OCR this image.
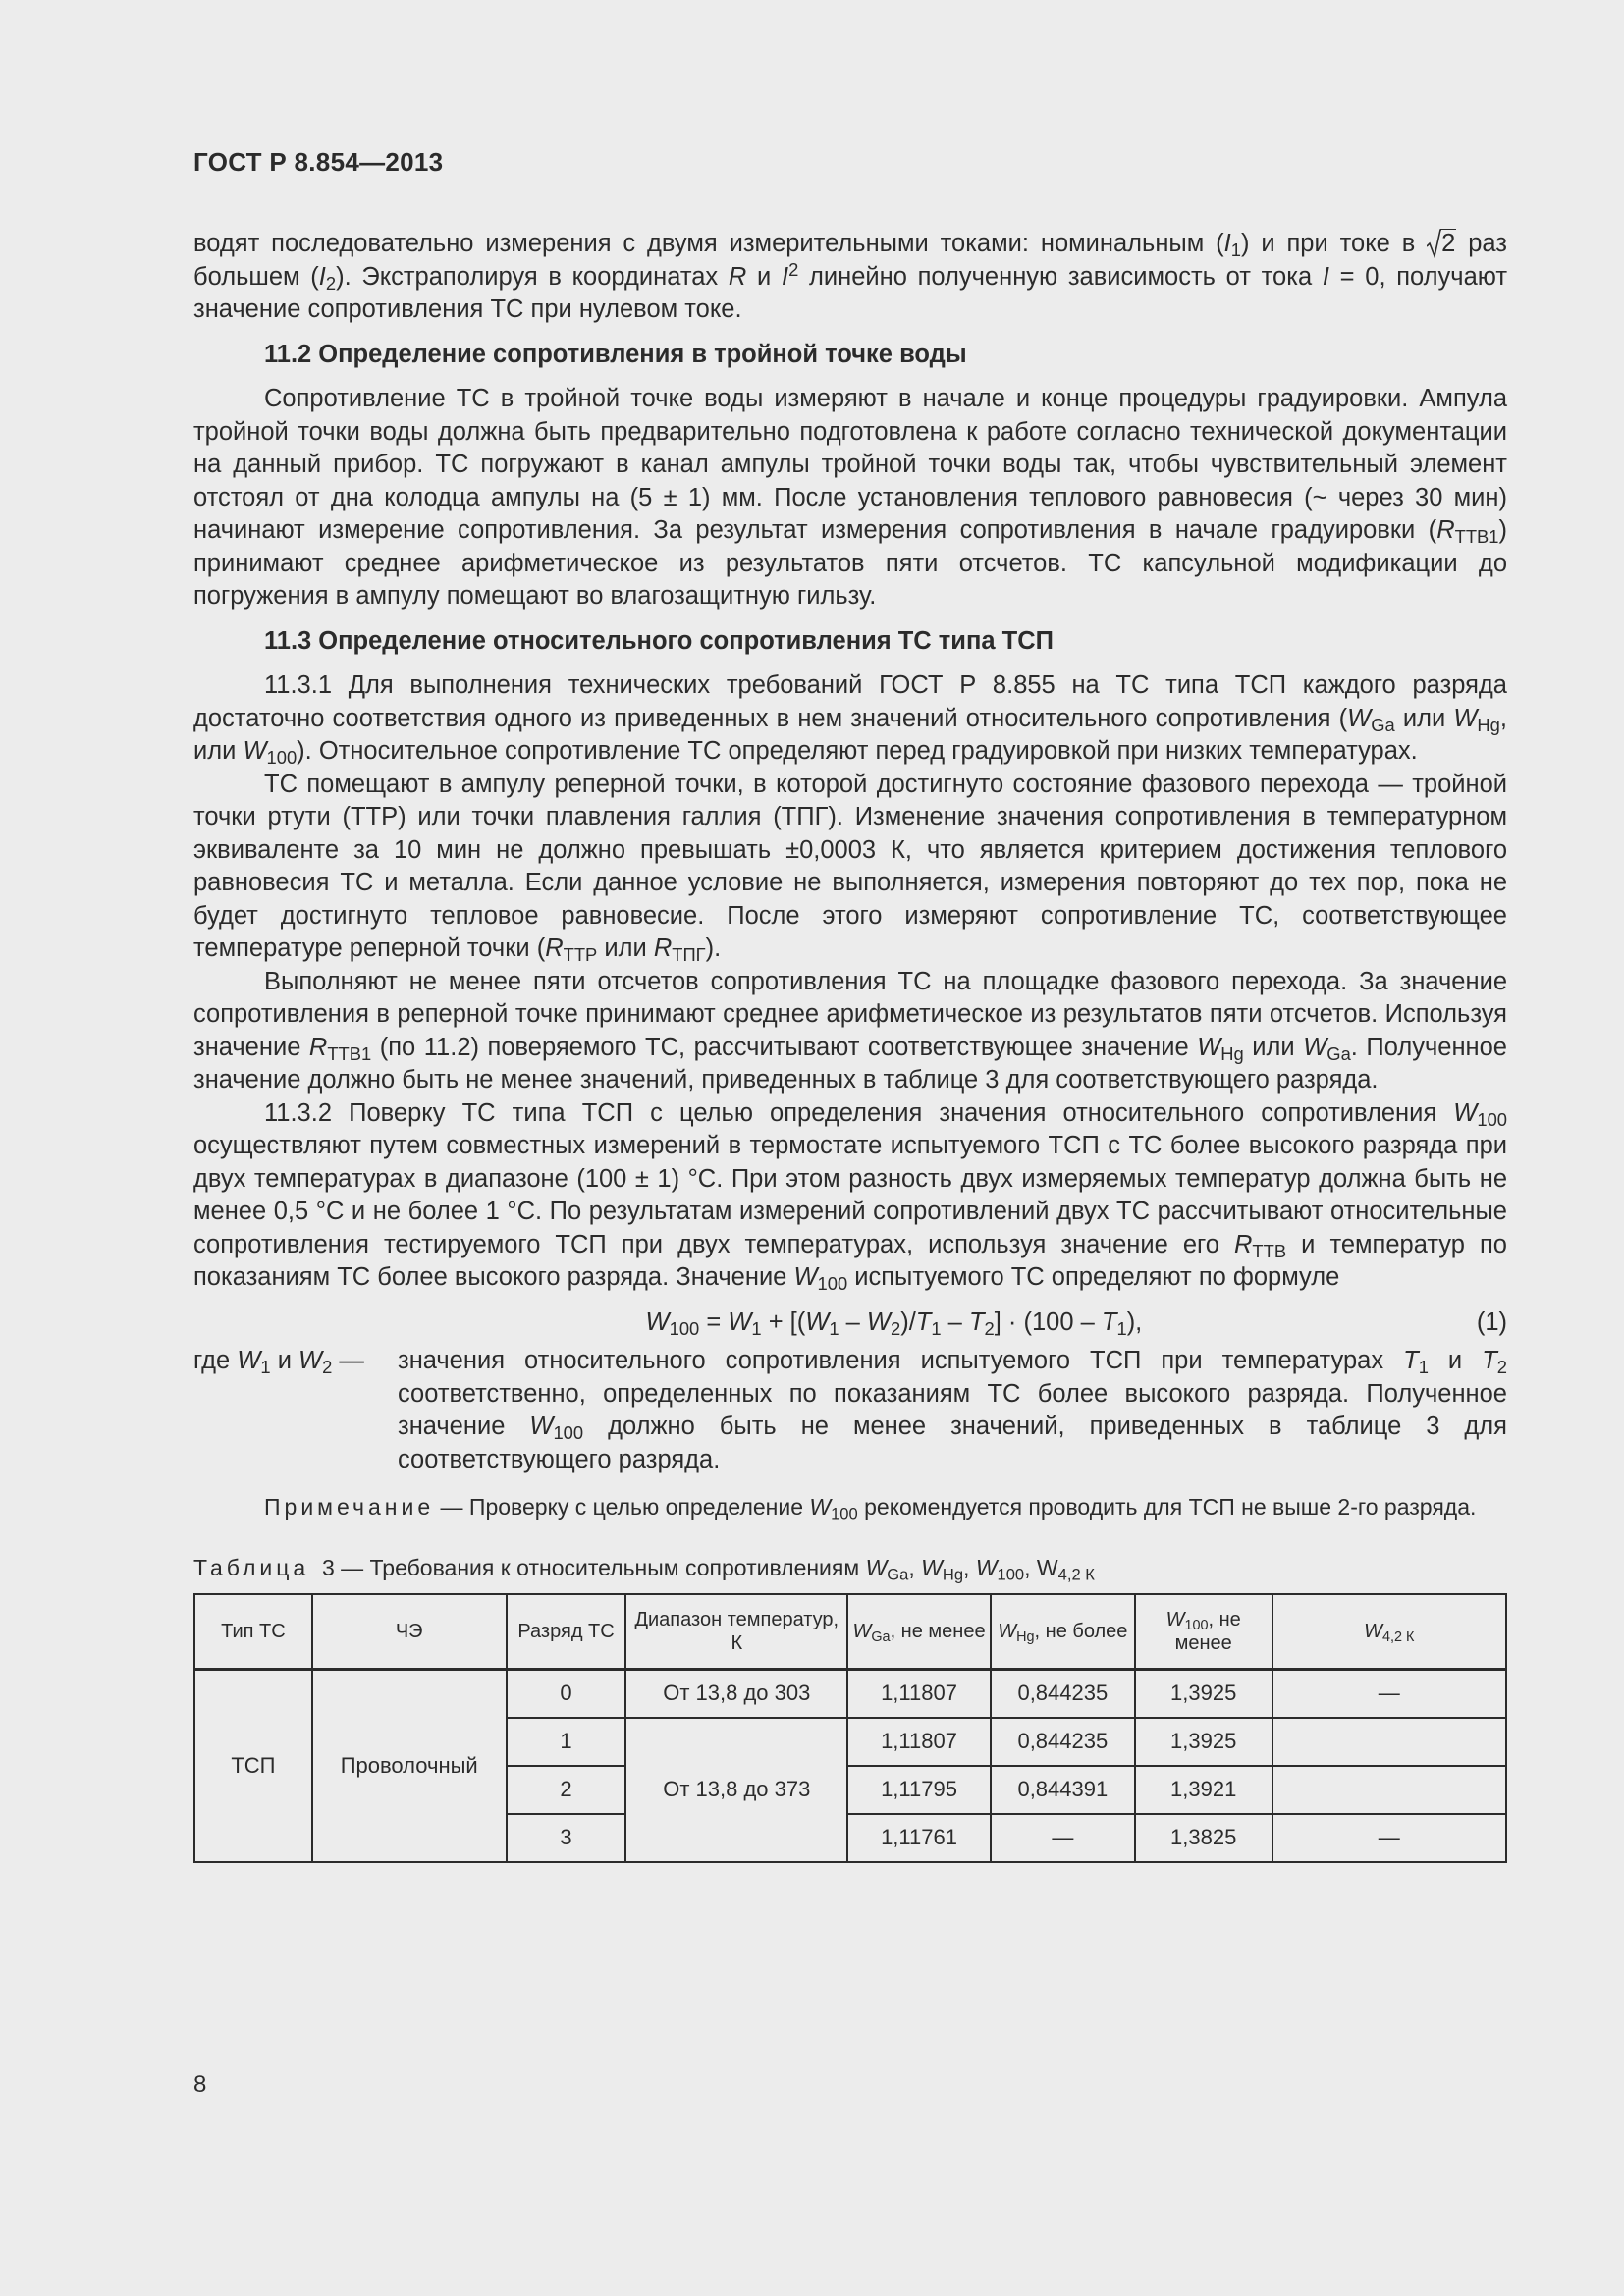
ГОСТ Р 8.854—2013

водят последовательно измерения с двумя измерительными токами: номинальным $(I_1)$ и при токе в
2 раз большем $(I_2)$. Экстраполируя в координатах R и $I^2$ линейно полученную зависимость от тока I = 0, получают значение сопротивления ТС при нулевом токе.

11.2 Определение сопротивления в тройной точке воды

Сопротивление ТС в тройной точке воды измеряют в начале и конце процедуры градуировки. Ампула тройной точки воды должна быть предварительно подготовлена к работе согласно технической документации на данный прибор. ТС погружают в канал ампулы тройной точки воды так, чтобы чувствительный элемент отстоял от дна колодца ампулы на (5 ± 1) мм. После установления теплового равновесия (~ через 30 мин) начинают измерение сопротивления. За результат измерения сопротивления в начале градуировки $(R_{ТТВ1})$ принимают среднее арифметическое из результатов пяти отсчетов. ТС капсульной модификации до погружения в ампулу помещают во влагозащитную гильзу.

11.3 Определение относительного сопротивления ТС типа ТСП

11.3.1 Для выполнения технических требований ГОСТ Р 8.855 на ТС типа ТСП каждого разряда достаточно соответствия одного из приведенных в нем значений относительного сопротивления ($W_{Ga}$ или $W_{Hg}$, или $W_{100}$). Относительное сопротивление ТС определяют перед градуировкой при низких температурах.

ТС помещают в ампулу реперной точки, в которой достигнуто состояние фазового перехода — тройной точки ртути (ТТР) или точки плавления галлия (ТПГ). Изменение значения сопротивления в температурном эквиваленте за 10 мин не должно превышать ±0,0003 К, что является критерием достижения теплового равновесия ТС и металла. Если данное условие не выполняется, измерения повторяют до тех пор, пока не будет достигнуто тепловое равновесие. После этого измеряют сопротивление ТС, соответствующее температуре реперной точки ($R_{ТТР}$ или $R_{ТПГ}$).

Выполняют не менее пяти отсчетов сопротивления ТС на площадке фазового перехода. За значение сопротивления в реперной точке принимают среднее арифметическое из результатов пяти отсчетов. Используя значение $R_{ТТВ1}$ (по 11.2) поверяемого ТС, рассчитывают соответствующее значение $W_{Hg}$ или $W_{Ga}$. Полученное значение должно быть не менее значений, приведенных в таблице 3 для соответствующего разряда.

11.3.2 Поверку ТС типа ТСП с целью определения значения относительного сопротивления $W_{100}$ осуществляют путем совместных измерений в термостате испытуемого ТСП с ТС более высокого разряда при двух температурах в диапазоне (100 ± 1) °С. При этом разность двух измеряемых температур должна быть не менее 0,5 °С и не более 1 °С. По результатам измерений сопротивлений двух ТС рассчитывают относительные сопротивления тестируемого ТСП при двух температурах, используя значение его $R_{ТТВ}$ и температур по показаниям ТС более высокого разряда. Значение $W_{100}$ испытуемого ТС определяют по формуле

$W_{100} = W_1 + [(W_1 - W_2)/T_1 - T_2] \cdot (100 - T_1)$,	(1)
где $W_1$ и $W_2$ —	значения относительного сопротивления испытуемого ТСП при температурах $T_1$ и $T_2$ соответственно, определенных по показаниям ТС более высокого разряда. Полученное значение $W_{100}$ должно быть не менее значений, приведенных в таблице 3 для соответствующего разряда.

Примечание — Проверку с целью определение $W_{100}$ рекомендуется проводить для ТСП не выше 2-го разряда.

Таблица 3 — Требования к относительным сопротивлениям $W_{Ga}$, $W_{Hg}$, $W_{100}$, $W_{4,2 К}$

Тип ТС	ЧЭ	Разряд ТС	Диапазон температур, К	$W_{Ga}$, не менее	$W_{Hg}$, не более	$W_{100}$, не менее	$W_{4,2 К}$
ТСП	Проволочный	0	От 13,8 до 303	1,11807	0,844235	1,3925	—
		1	От 13,8 до 373	1,11807	0,844235	1,3925	
		2		1,11795	0,844391	1,3921	
		3		1,11761	—	1,3825	—
8
